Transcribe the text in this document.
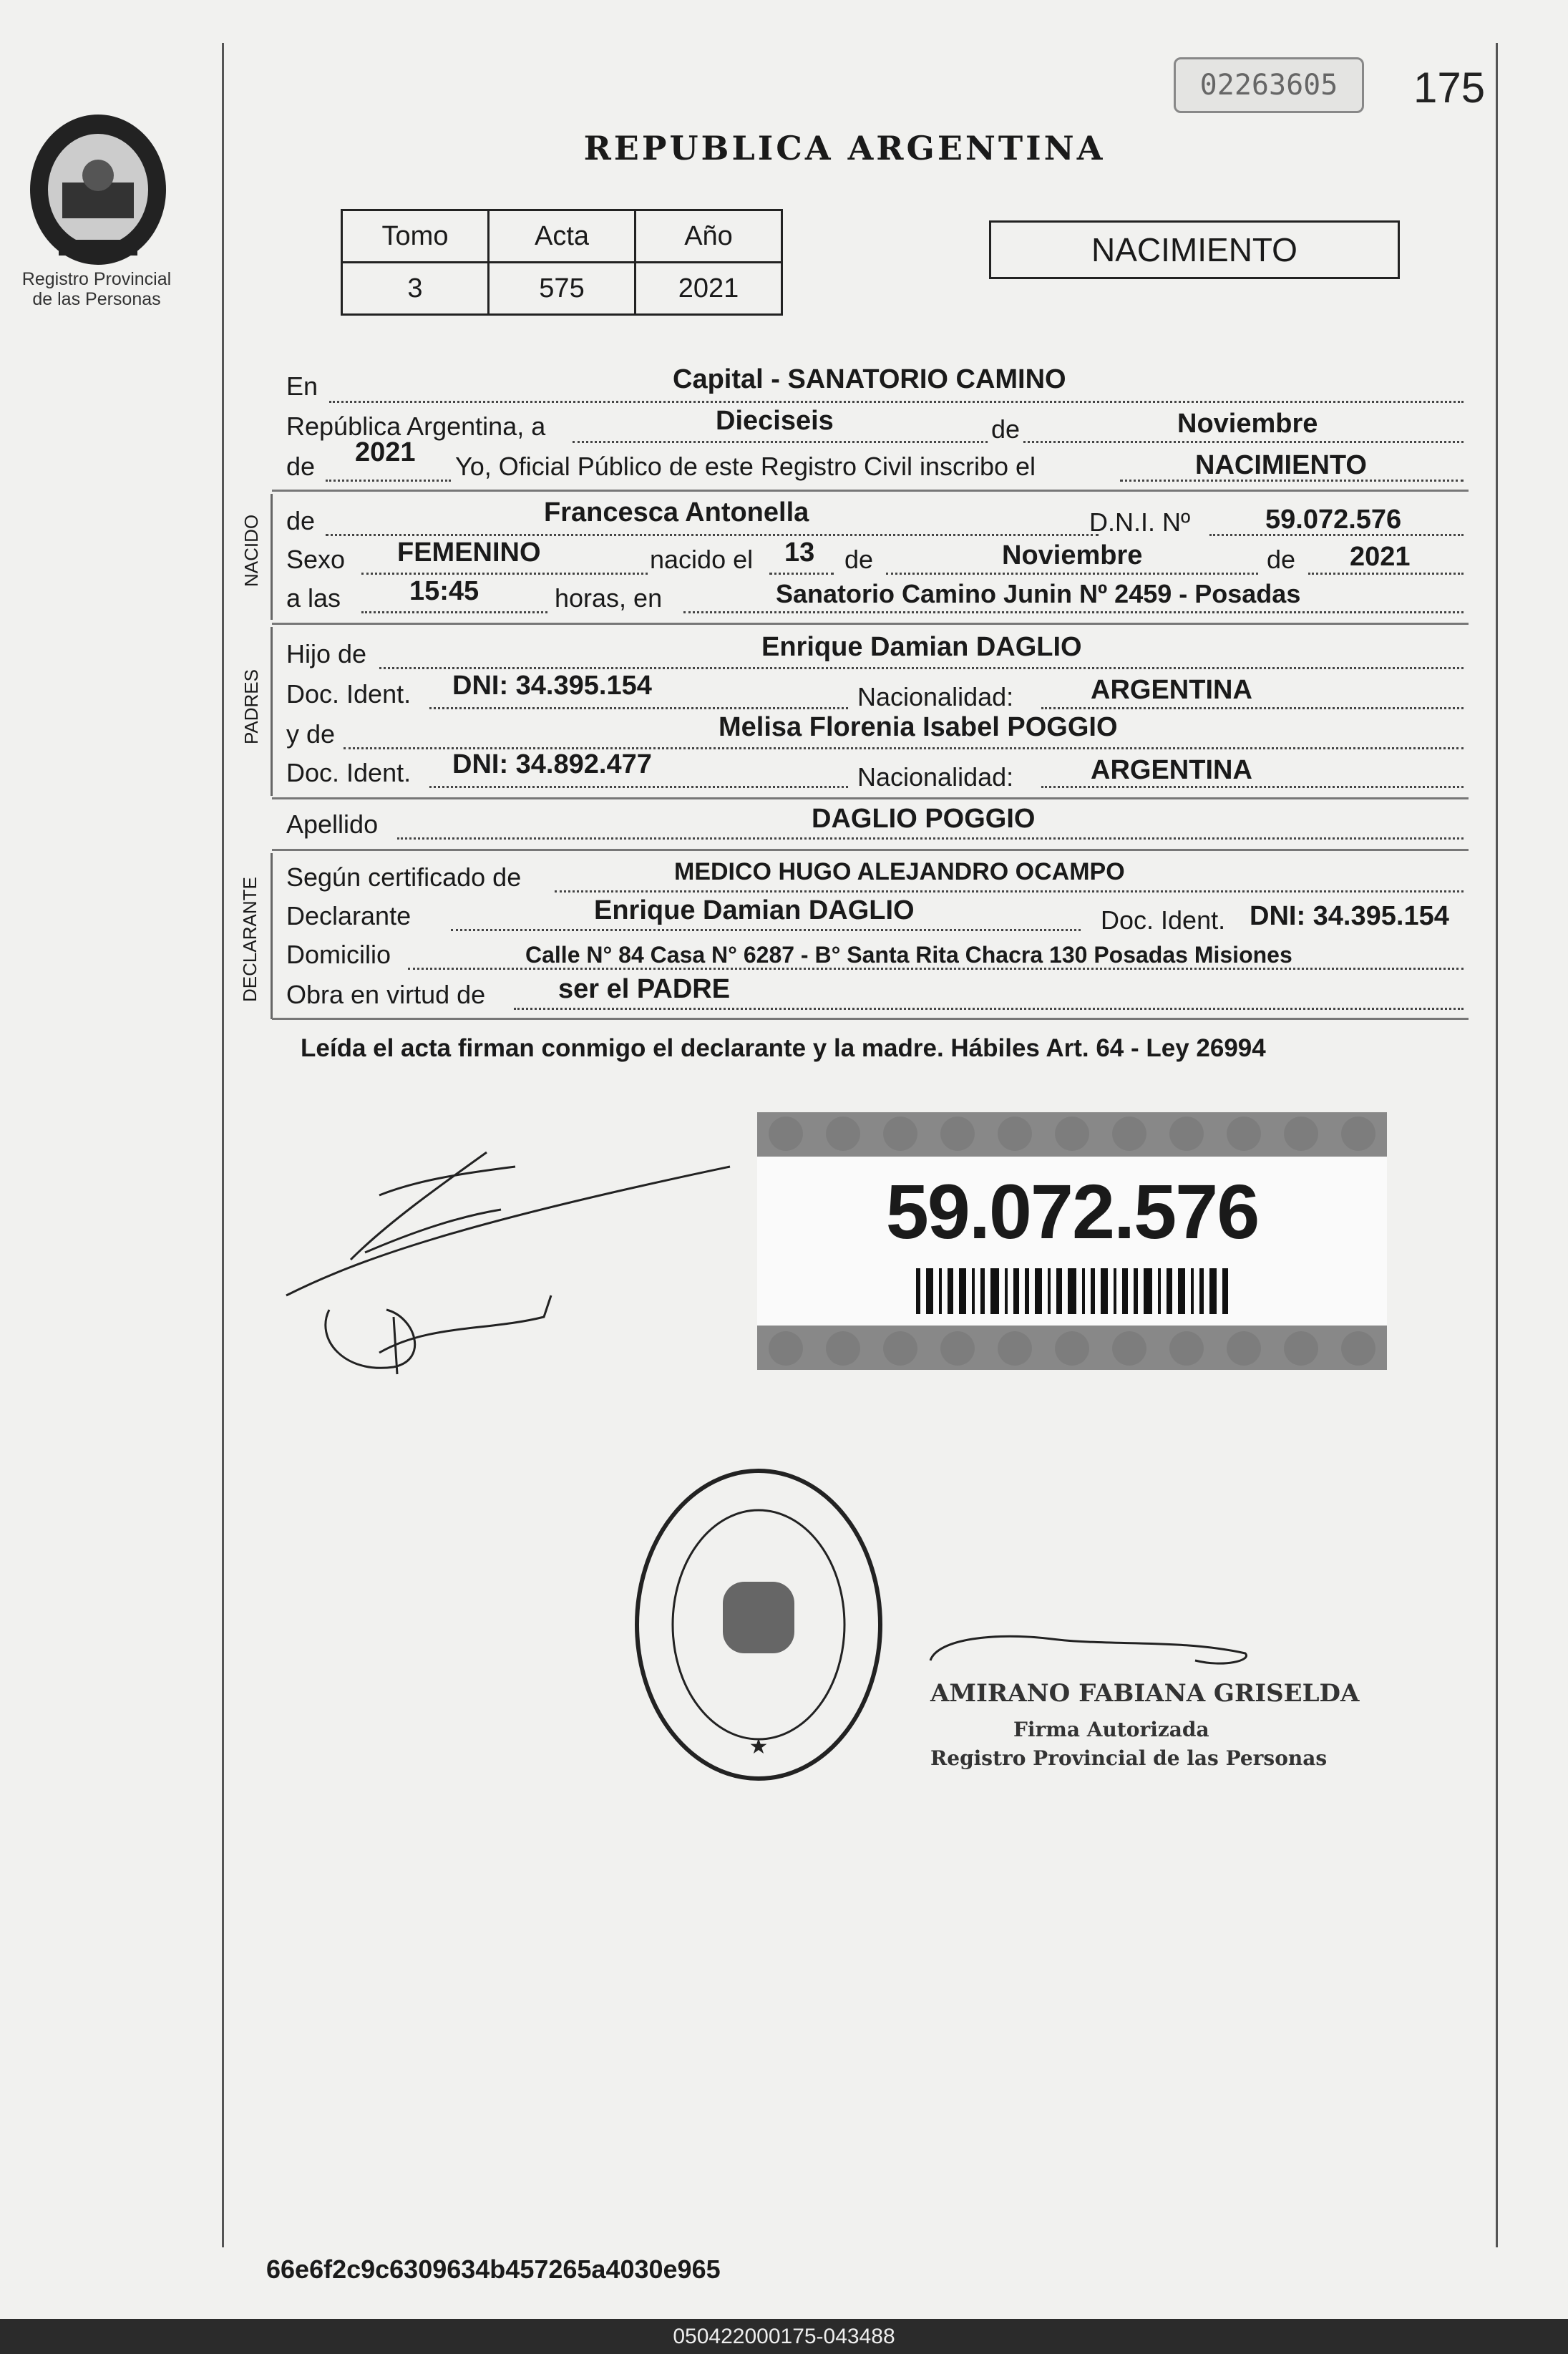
Registro Provincial
de las Personas
02263605	175
REPUBLICA ARGENTINA
Tomo	Acta	Año
3	575	2021
NACIMIENTO
En	Capital - SANATORIO CAMINO
República Argentina, a	Dieciseis	de	Noviembre
de 2021 Yo, Oficial Público de este Registro Civil inscribo el	NACIMIENTO
NACIDO de	Francesca Antonella	D.N.I. Nº	59.072.576
Sexo FEMENINO	nacido el 13 de	Noviembre	de 2021
a las	15:45	horas, en	Sanatorio Camino Junin Nº 2459 - Posadas
PADRES
Hijo de	Enrique Damian DAGLIO
Doc. Ident. DNI: 34.395.154	Nacionalidad:	ARGENTINA
y de	Melisa Florenia Isabel POGGIO
Doc. Ident. DNI: 34.892.477	Nacionalidad:	ARGENTINA
Apellido	DAGLIO POGGIO
DECLARANTE Según certificado de	MEDICO HUGO ALEJANDRO OCAMPO
Declarante	Enrique Damian DAGLIO	Doc. Ident. DNI: 34.395.154
Domicilio	Calle N° 84 Casa N° 6287 - B° Santa Rita Chacra 130 Posadas Misiones
Obra en virtud de	ser el PADRE
Leída el acta firman conmigo el declarante y la madre. Hábiles Art. 64 - Ley 26994
59.072.576
★
AMIRANO FABIANA GRISELDA
Firma Autorizada
Registro Provincial de las Personas
66e6f2c9c6309634b457265a4030e965
050422000175-043488
